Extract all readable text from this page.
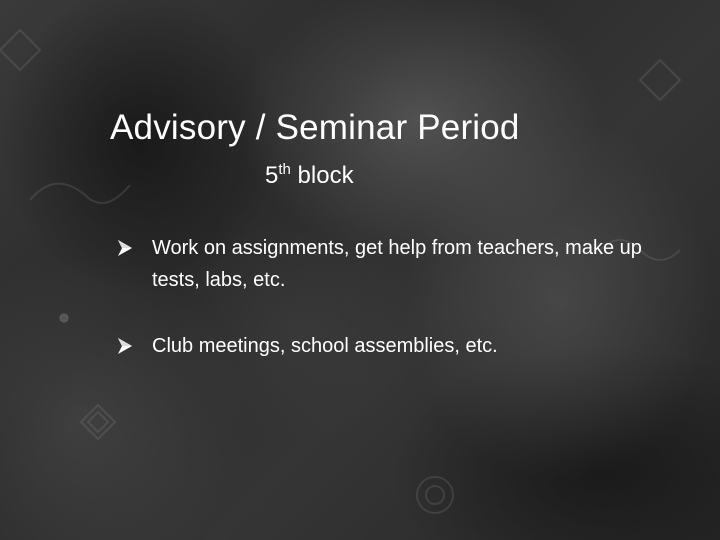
Advisory / Seminar Period
5th block
Work on assignments, get help from teachers, make up tests, labs, etc.
Club meetings, school assemblies, etc.
